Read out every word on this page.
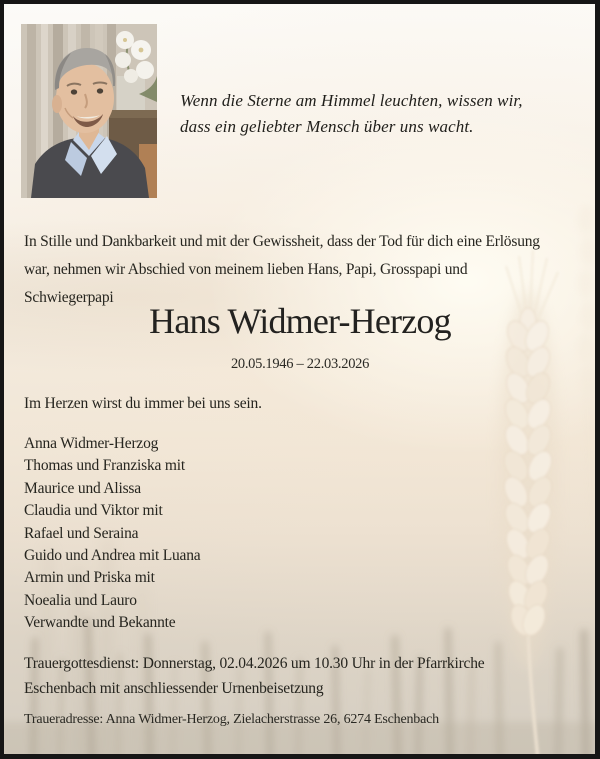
Wenn die Sterne am Himmel leuchten, wissen wir,
dass ein geliebter Mensch über uns wacht.
In Stille und Dankbarkeit und mit der Gewissheit, dass der Tod für dich eine Erlösung
war, nehmen wir Abschied von meinem lieben Hans, Papi, Grosspapi und
Schwiegerpapi
Hans Widmer-Herzog
20.05.1946 – 22.03.2026
Im Herzen wirst du immer bei uns sein.
Anna Widmer-Herzog
Thomas und Franziska mit
Maurice und Alissa
Claudia und Viktor mit
Rafael und Seraina
Guido und Andrea mit Luana
Armin und Priska mit
Noealia und Lauro
Verwandte und Bekannte
Trauergottesdienst: Donnerstag, 02.04.2026 um 10.30 Uhr in der Pfarrkirche
Eschenbach mit anschliessender Urnenbeisetzung
Traueradresse: Anna Widmer-Herzog, Zielacherstrasse 26, 6274 Eschenbach
